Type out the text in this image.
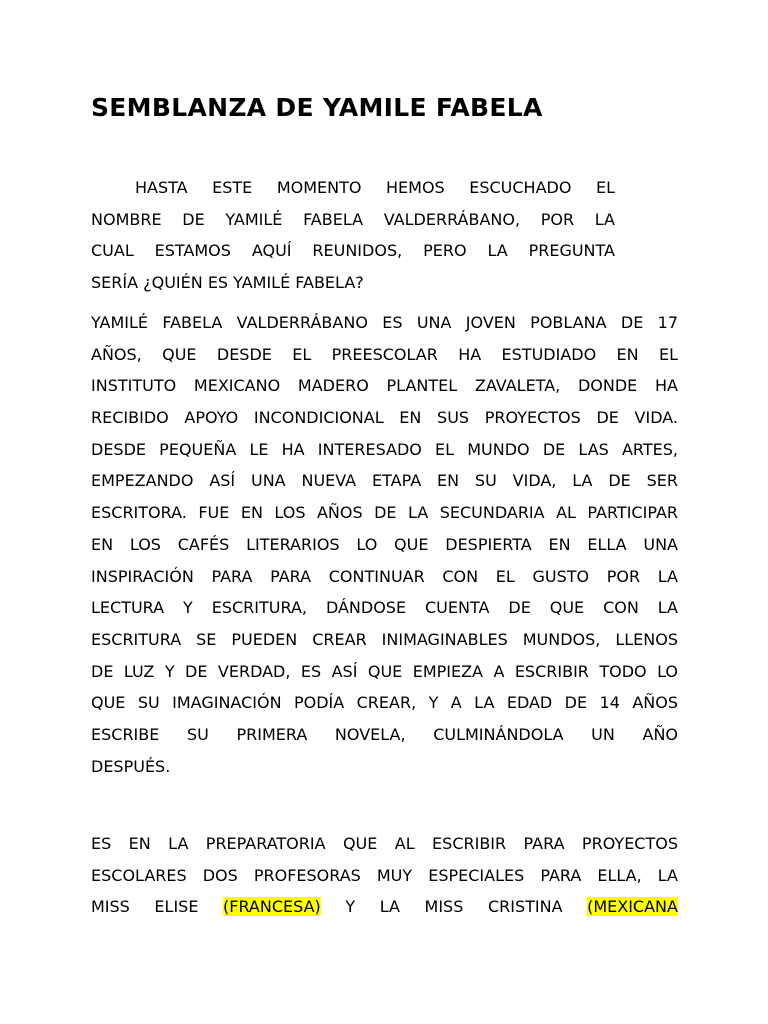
SEMBLANZA DE YAMILE FABELA
HASTA ESTE MOMENTO HEMOS ESCUCHADO EL
NOMBRE DE YAMILÉ FABELA VALDERRÁBANO, POR LA
CUAL ESTAMOS AQUÍ REUNIDOS, PERO LA PREGUNTA
SERÍA ¿QUIÉN ES YAMILÉ FABELA?
YAMILÉ FABELA VALDERRÁBANO ES UNA JOVEN POBLANA DE 17
AÑOS, QUE DESDE EL PREESCOLAR HA ESTUDIADO EN EL
INSTITUTO MEXICANO MADERO PLANTEL ZAVALETA, DONDE HA
RECIBIDO APOYO INCONDICIONAL EN SUS PROYECTOS DE VIDA.
DESDE PEQUEÑA LE HA INTERESADO EL MUNDO DE LAS ARTES,
EMPEZANDO ASÍ UNA NUEVA ETAPA EN SU VIDA, LA DE SER
ESCRITORA. FUE EN LOS AÑOS DE LA SECUNDARIA AL PARTICIPAR
EN LOS CAFÉS LITERARIOS LO QUE DESPIERTA EN ELLA UNA
INSPIRACIÓN PARA PARA CONTINUAR CON EL GUSTO POR LA
LECTURA Y ESCRITURA, DÁNDOSE CUENTA DE QUE CON LA
ESCRITURA SE PUEDEN CREAR INIMAGINABLES MUNDOS, LLENOS
DE LUZ Y DE VERDAD, ES ASÍ QUE EMPIEZA A ESCRIBIR TODO LO
QUE SU IMAGINACIÓN PODÍA CREAR, Y A LA EDAD DE 14 AÑOS
ESCRIBE SU PRIMERA NOVELA, CULMINÁNDOLA UN AÑO
DESPUÉS.
ES EN LA PREPARATORIA QUE AL ESCRIBIR PARA PROYECTOS
ESCOLARES DOS PROFESORAS MUY ESPECIALES PARA ELLA, LA
MISS ELISE (FRANCESA) Y LA MISS CRISTINA (MEXICANA
